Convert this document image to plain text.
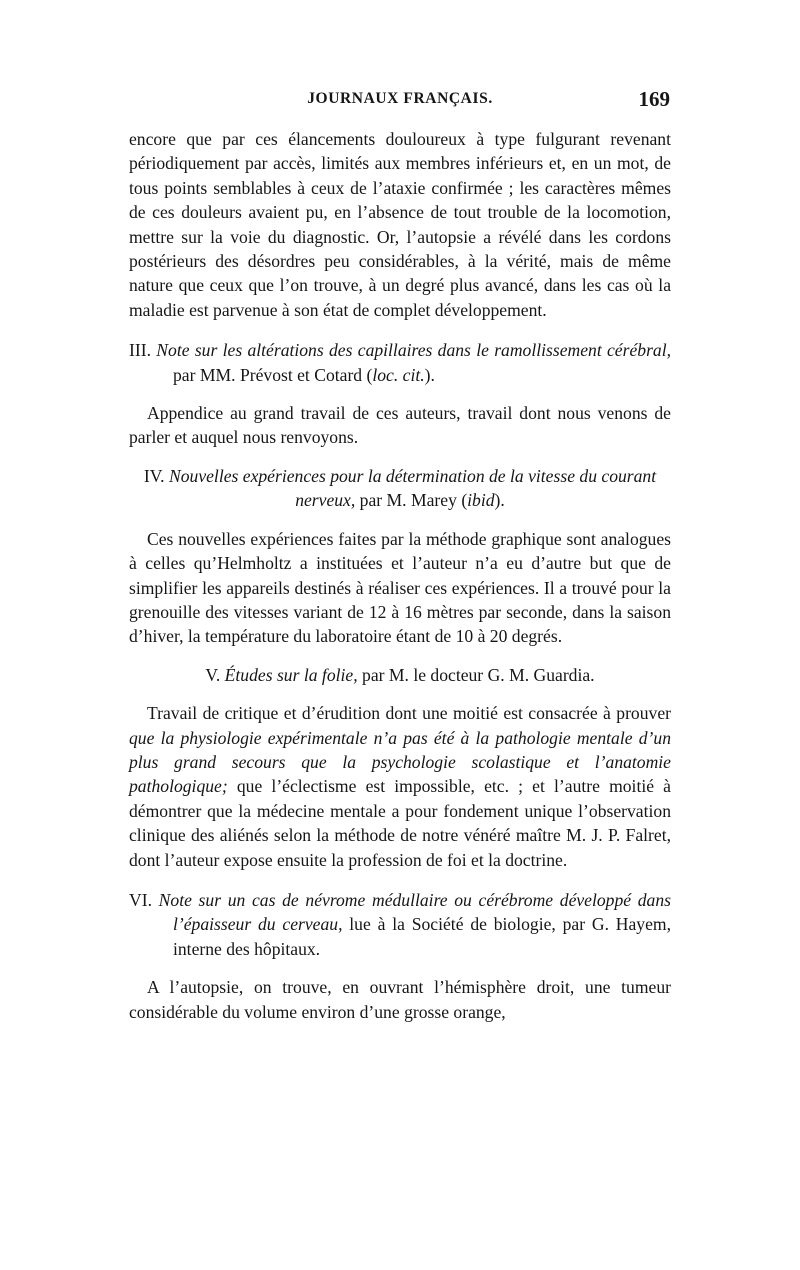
JOURNAUX FRANÇAIS.	169

encore que par ces élancements douloureux à type fulgurant revenant périodiquement par accès, limités aux membres inférieurs et, en un mot, de tous points semblables à ceux de l’ataxie confirmée ; les caractères mêmes de ces douleurs avaient pu, en l’absence de tout trouble de la locomotion, mettre sur la voie du diagnostic. Or, l’autopsie a révélé dans les cordons postérieurs des désordres peu considérables, à la vérité, mais de même nature que ceux que l’on trouve, à un degré plus avancé, dans les cas où la maladie est parvenue à son état de complet développement.

III. Note sur les altérations des capillaires dans le ramollissement cérébral, par MM. Prévost et Cotard (loc. cit.).

Appendice au grand travail de ces auteurs, travail dont nous venons de parler et auquel nous renvoyons.

IV. Nouvelles expériences pour la détermination de la vitesse du courant nerveux, par M. Marey (ibid).

Ces nouvelles expériences faites par la méthode graphique sont analogues à celles qu’Helmholtz a instituées et l’auteur n’a eu d’autre but que de simplifier les appareils destinés à réaliser ces expériences. Il a trouvé pour la grenouille des vitesses variant de 12 à 16 mètres par seconde, dans la saison d’hiver, la température du laboratoire étant de 10 à 20 degrés.

V. Études sur la folie, par M. le docteur G. M. Guardia.

Travail de critique et d’érudition dont une moitié est consacrée à prouver que la physiologie expérimentale n’a pas été à la pathologie mentale d’un plus grand secours que la psychologie scolastique et l’anatomie pathologique; que l’éclectisme est impossible, etc. ; et l’autre moitié à démontrer que la médecine mentale a pour fondement unique l’observation clinique des aliénés selon la méthode de notre vénéré maître M. J. P. Falret, dont l’auteur expose ensuite la profession de foi et la doctrine.

VI. Note sur un cas de névrome médullaire ou cérébrome développé dans l’épaisseur du cerveau, lue à la Société de biologie, par G. Hayem, interne des hôpitaux.

A l’autopsie, on trouve, en ouvrant l’hémisphère droit, une tumeur considérable du volume environ d’une grosse orange,
